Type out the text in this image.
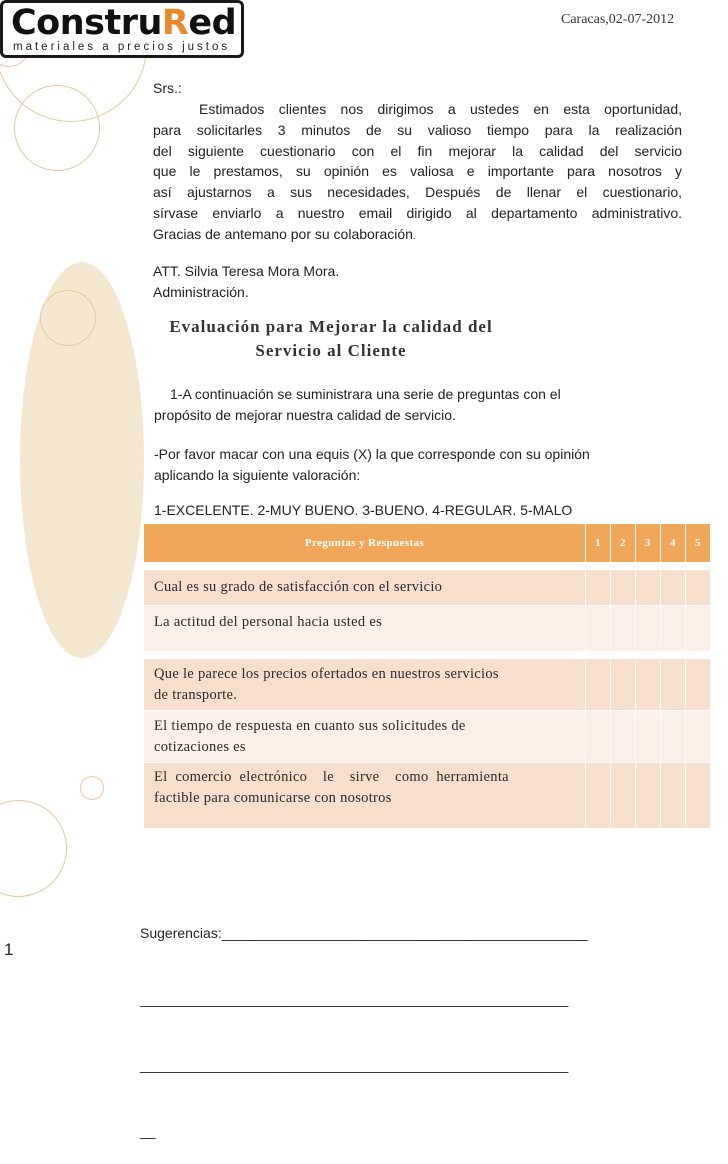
ConstruRed
materiales a precios justos
Caracas,02-07-2012
Srs.:
Estimados clientes nos dirigimos a ustedes en esta oportunidad,
para solicitarles 3 minutos de su valioso tiempo para la realización
del siguiente cuestionario con el fin mejorar la calidad del servicio
que le prestamos, su opinión es valiosa e importante para nosotros y
así ajustarnos a sus necesidades, Después de llenar el cuestionario,
sírvase enviarlo a nuestro email dirigido al departamento administrativo.
Gracias de antemano por su colaboración.
ATT. Silvia Teresa Mora Mora.
Administración.
Evaluación para Mejorar la calidad del
Servicio al Cliente
1-A continuación se suministrara una serie de preguntas con el
propósito de mejorar nuestra calidad de servicio.
-Por favor macar con una equis (X) la que corresponde con su opinión
aplicando la siguiente valoración:
1-EXCELENTE. 2-MUY BUENO. 3-BUENO. 4-REGULAR. 5-MALO
Preguntas y Respuestas	1	2	3	4	5

Cual es su grado de satisfacción con el servicio					

La actitud del personal hacia usted es					

Que le parece los precios ofertados en nuestros servicios
de transporte.					

El tiempo de respuesta en cuanto sus solicitudes de
cotizaciones es					

El  comercio  electrónico    le    sirve    como  herramienta
factible para comunicarse con nosotros					

Sugerencias:_______________________________________________

_______________________________________________________

_______________________________________________________

__

1
